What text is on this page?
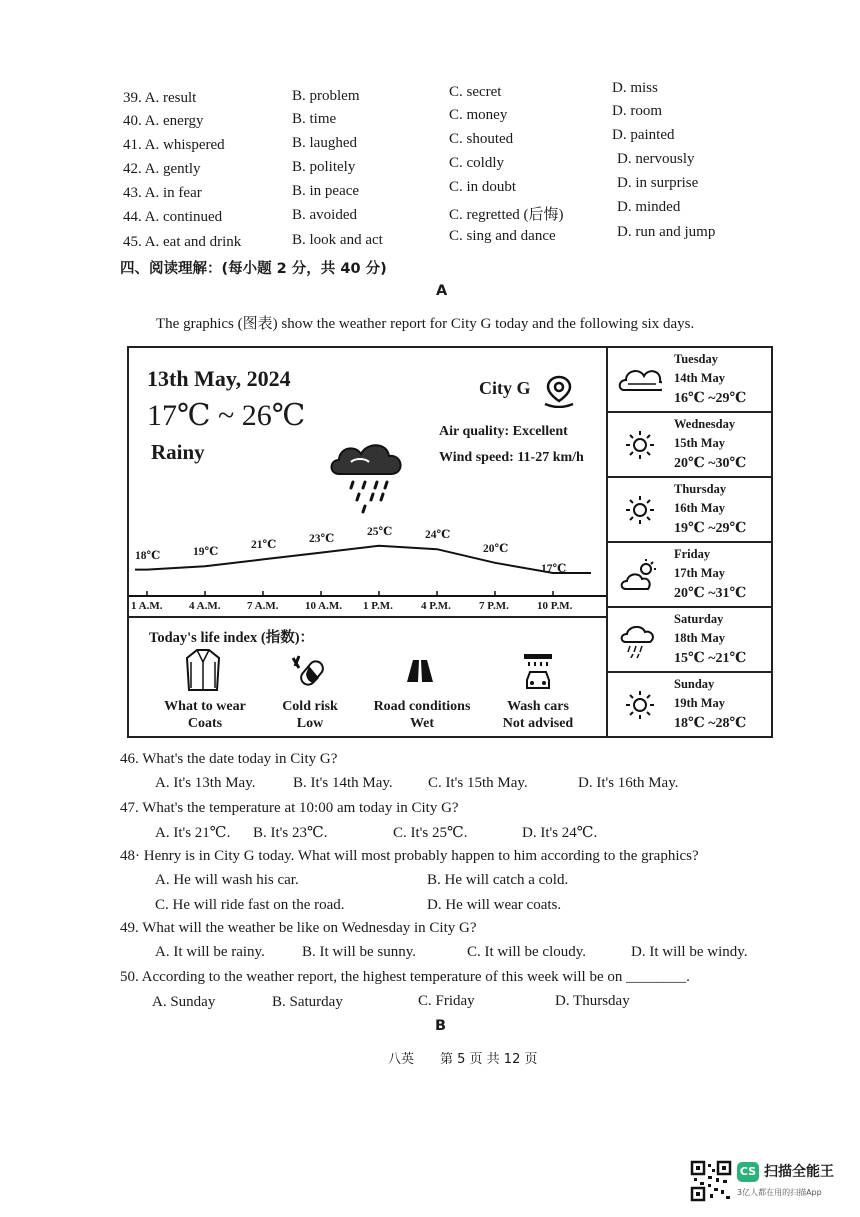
39. A. result	B. problem	C. secret	D. miss
40. A. energy	B. time	C. money	D. room
41. A. whispered	B. laughed	C. shouted	D. painted
42. A. gently	B. politely	C. coldly	D. nervously
43. A. in fear	B. in peace	C. in doubt	D. in surprise
44. A. continued	B. avoided	C. regretted (后悔)	D. minded
45. A. eat and drink	B. look and act	C. sing and dance	D. run and jump
四、阅读理解：(每小题 2 分，共 40 分)
A
The graphics (图表) show the weather report for City G today and the following six days.
13th May, 2024
17℃ ~ 26℃
Rainy
City G
Air quality: Excellent
Wind speed: 11-27 km/h
18℃
1 A.M.
19℃
4 A.M.
21℃
7 A.M.
23℃
10 A.M.
25℃
1 P.M.
24℃
4 P.M.
20℃
7 P.M.
17℃
10 P.M.
Today's life index (指数)：
What to wear
Coats
Cold risk
Low
Road conditions
Wet
Wash cars
Not advised
Tuesday
14th May
16℃ ~29℃
Wednesday
15th May
20℃ ~30℃
Thursday
16th May
19℃ ~29℃
Friday
17th May
20℃ ~31℃
Saturday
18th May
15℃ ~21℃
Sunday
19th May
18℃ ~28℃
46. What's the date today in City G?
A. It's 13th May.	B. It's 14th May. C. It's 15th May.	D. It's 16th May.
47. What's the temperature at 10:00 am today in City G?
A. It's 21℃. B. It's 23℃.	C. It's 25℃.	D. It's 24℃.
48· Henry is in City G today. What will most probably happen to him according to the graphics?
A. He will wash his car.	B. He will catch a cold.
C. He will ride fast on the road.	D. He will wear coats.
49. What will the weather be like on Wednesday in City G?
A. It will be rainy. B. It will be sunny.	C. It will be cloudy.	D. It will be windy.
50. According to the weather report, the highest temperature of this week will be on ________.
A. Sunday	B. Saturday	C. Friday	D. Thursday
B
八英　　第 5 页 共 12 页
CS 扫描全能王
3亿人都在用的扫描App
